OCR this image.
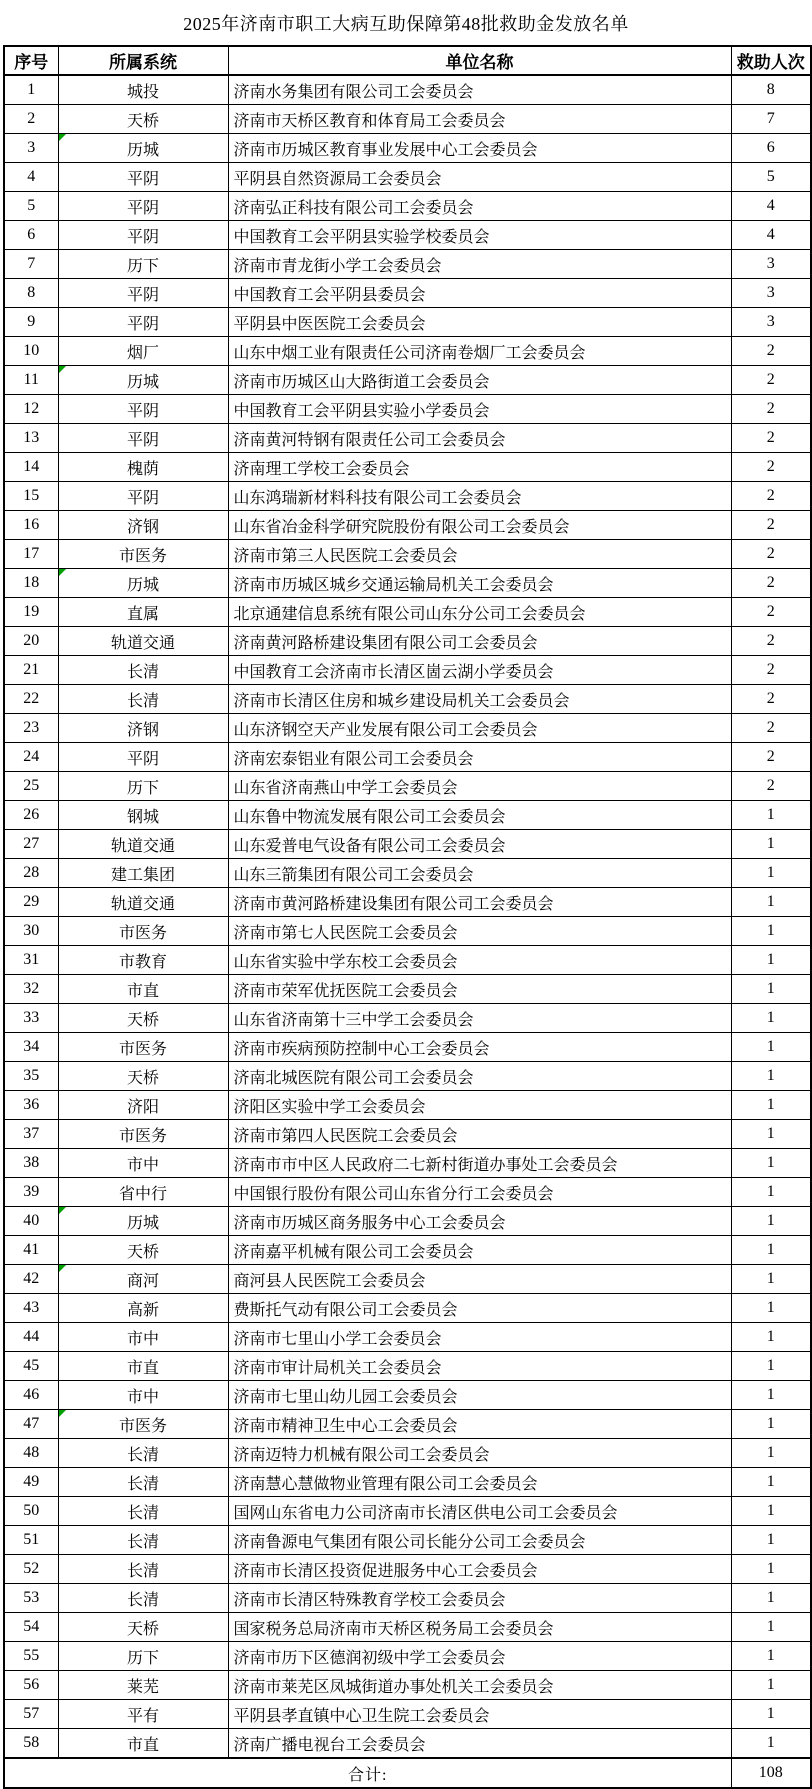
2025年济南市职工大病互助保障第48批救助金发放名单
序号	所属系统	单位名称	救助人次
1	城投	济南水务集团有限公司工会委员会	8
2	天桥	济南市天桥区教育和体育局工会委员会	7
3	历城	济南市历城区教育事业发展中心工会委员会	6
4	平阴	平阴县自然资源局工会委员会	5
5	平阴	济南弘正科技有限公司工会委员会	4
6	平阴	中国教育工会平阴县实验学校委员会	4
7	历下	济南市青龙街小学工会委员会	3
8	平阴	中国教育工会平阴县委员会	3
9	平阴	平阴县中医医院工会委员会	3
10	烟厂	山东中烟工业有限责任公司济南卷烟厂工会委员会	2
11	历城	济南市历城区山大路街道工会委员会	2
12	平阴	中国教育工会平阴县实验小学委员会	2
13	平阴	济南黄河特钢有限责任公司工会委员会	2
14	槐荫	济南理工学校工会委员会	2
15	平阴	山东鸿瑞新材料科技有限公司工会委员会	2
16	济钢	山东省冶金科学研究院股份有限公司工会委员会	2
17	市医务	济南市第三人民医院工会委员会	2
18	历城	济南市历城区城乡交通运输局机关工会委员会	2
19	直属	北京通建信息系统有限公司山东分公司工会委员会	2
20	轨道交通	济南黄河路桥建设集团有限公司工会委员会	2
21	长清	中国教育工会济南市长清区崮云湖小学委员会	2
22	长清	济南市长清区住房和城乡建设局机关工会委员会	2
23	济钢	山东济钢空天产业发展有限公司工会委员会	2
24	平阴	济南宏泰铝业有限公司工会委员会	2
25	历下	山东省济南燕山中学工会委员会	2
26	钢城	山东鲁中物流发展有限公司工会委员会	1
27	轨道交通	山东爱普电气设备有限公司工会委员会	1
28	建工集团	山东三箭集团有限公司工会委员会	1
29	轨道交通	济南市黄河路桥建设集团有限公司工会委员会	1
30	市医务	济南市第七人民医院工会委员会	1
31	市教育	山东省实验中学东校工会委员会	1
32	市直	济南市荣军优抚医院工会委员会	1
33	天桥	山东省济南第十三中学工会委员会	1
34	市医务	济南市疾病预防控制中心工会委员会	1
35	天桥	济南北城医院有限公司工会委员会	1
36	济阳	济阳区实验中学工会委员会	1
37	市医务	济南市第四人民医院工会委员会	1
38	市中	济南市市中区人民政府二七新村街道办事处工会委员会	1
39	省中行	中国银行股份有限公司山东省分行工会委员会	1
40	历城	济南市历城区商务服务中心工会委员会	1
41	天桥	济南嘉平机械有限公司工会委员会	1
42	商河	商河县人民医院工会委员会	1
43	高新	费斯托气动有限公司工会委员会	1
44	市中	济南市七里山小学工会委员会	1
45	市直	济南市审计局机关工会委员会	1
46	市中	济南市七里山幼儿园工会委员会	1
47	市医务	济南市精神卫生中心工会委员会	1
48	长清	济南迈特力机械有限公司工会委员会	1
49	长清	济南慧心慧做物业管理有限公司工会委员会	1
50	长清	国网山东省电力公司济南市长清区供电公司工会委员会	1
51	长清	济南鲁源电气集团有限公司长能分公司工会委员会	1
52	长清	济南市长清区投资促进服务中心工会委员会	1
53	长清	济南市长清区特殊教育学校工会委员会	1
54	天桥	国家税务总局济南市天桥区税务局工会委员会	1
55	历下	济南市历下区德润初级中学工会委员会	1
56	莱芜	济南市莱芜区凤城街道办事处机关工会委员会	1
57	平有	平阴县孝直镇中心卫生院工会委员会	1
58	市直	济南广播电视台工会委员会	1
合计:			108
